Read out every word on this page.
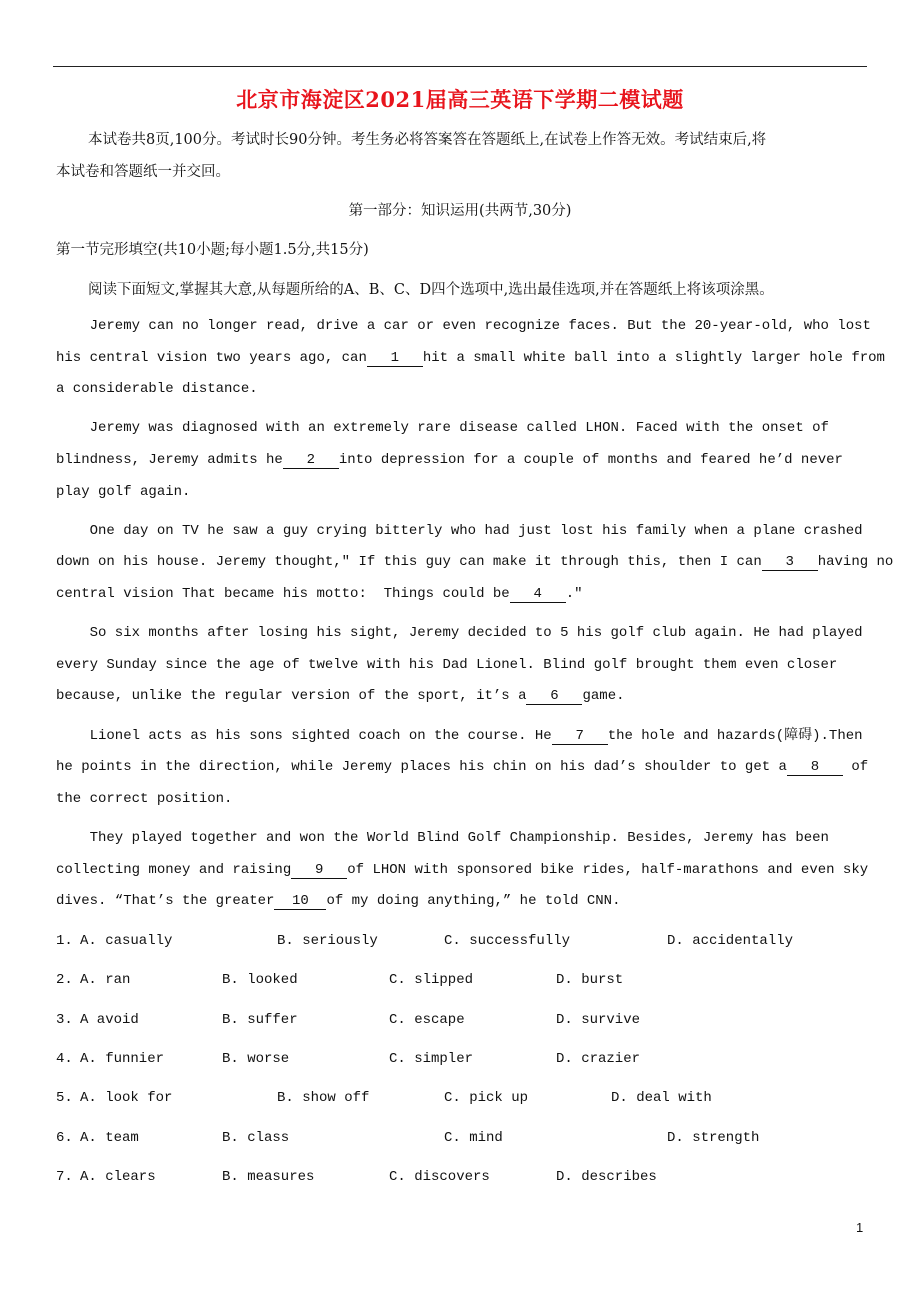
北京市海淀区2021届高三英语下学期二模试题
本试卷共8页,100分。考试时长90分钟。考生务必将答案答在答题纸上,在试卷上作答无效。考试结束后,将
本试卷和答题纸一并交回。
第一部分：知识运用(共两节,30分)
第一节完形填空(共10小题;每小题1.5分,共15分)
阅读下面短文,掌握其大意,从每题所给的A、B、C、D四个选项中,选出最佳选项,并在答题纸上将该项涂黑。
Jeremy can no longer read, drive a car or even recognize faces. But the 20-year-old, who lost
his central vision two years ago, can 1 hit a small white ball into a slightly larger hole from
a considerable distance.
Jeremy was diagnosed with an extremely rare disease called LHON. Faced with the onset of
blindness, Jeremy admits he 2 into depression for a couple of months and feared he’d never
play golf again.
One day on TV he saw a guy crying bitterly who had just lost his family when a plane crashed
down on his house. Jeremy thought,″ If this guy can make it through this, then I can 3 having no
central vision That became his motto:  Things could be 4 ."
So six months after losing his sight, Jeremy decided to 5 his golf club again. He had played
every Sunday since the age of twelve with his Dad Lionel. Blind golf brought them even closer
because, unlike the regular version of the sport, it’s a 6 game.
Lionel acts as his sons sighted coach on the course. He 7 the hole and hazards(障碍).Then
he points in the direction, while Jeremy places his chin on his dad’s shoulder to get a 8 of
the correct position.
They played together and won the World Blind Golf Championship. Besides, Jeremy has been
collecting money and raising 9 of LHON with sponsored bike rides, half-marathons and even sky
dives. “That’s the greater 10 of my doing anything,” he told CNN.
1. A. casually	B. seriously	C. successfully	D. accidentally
2. A. ran	B. looked	C. slipped	D. burst
3. A avoid	B. suffer	C. escape	D. survive
4. A. funnier	B. worse	C. simpler	D. crazier
5. A. look for	B. show off	C. pick up	D. deal with
6. A. team	B. class	C. mind	D. strength
7. A. clears	B. measures	C. discovers	D. describes
1
